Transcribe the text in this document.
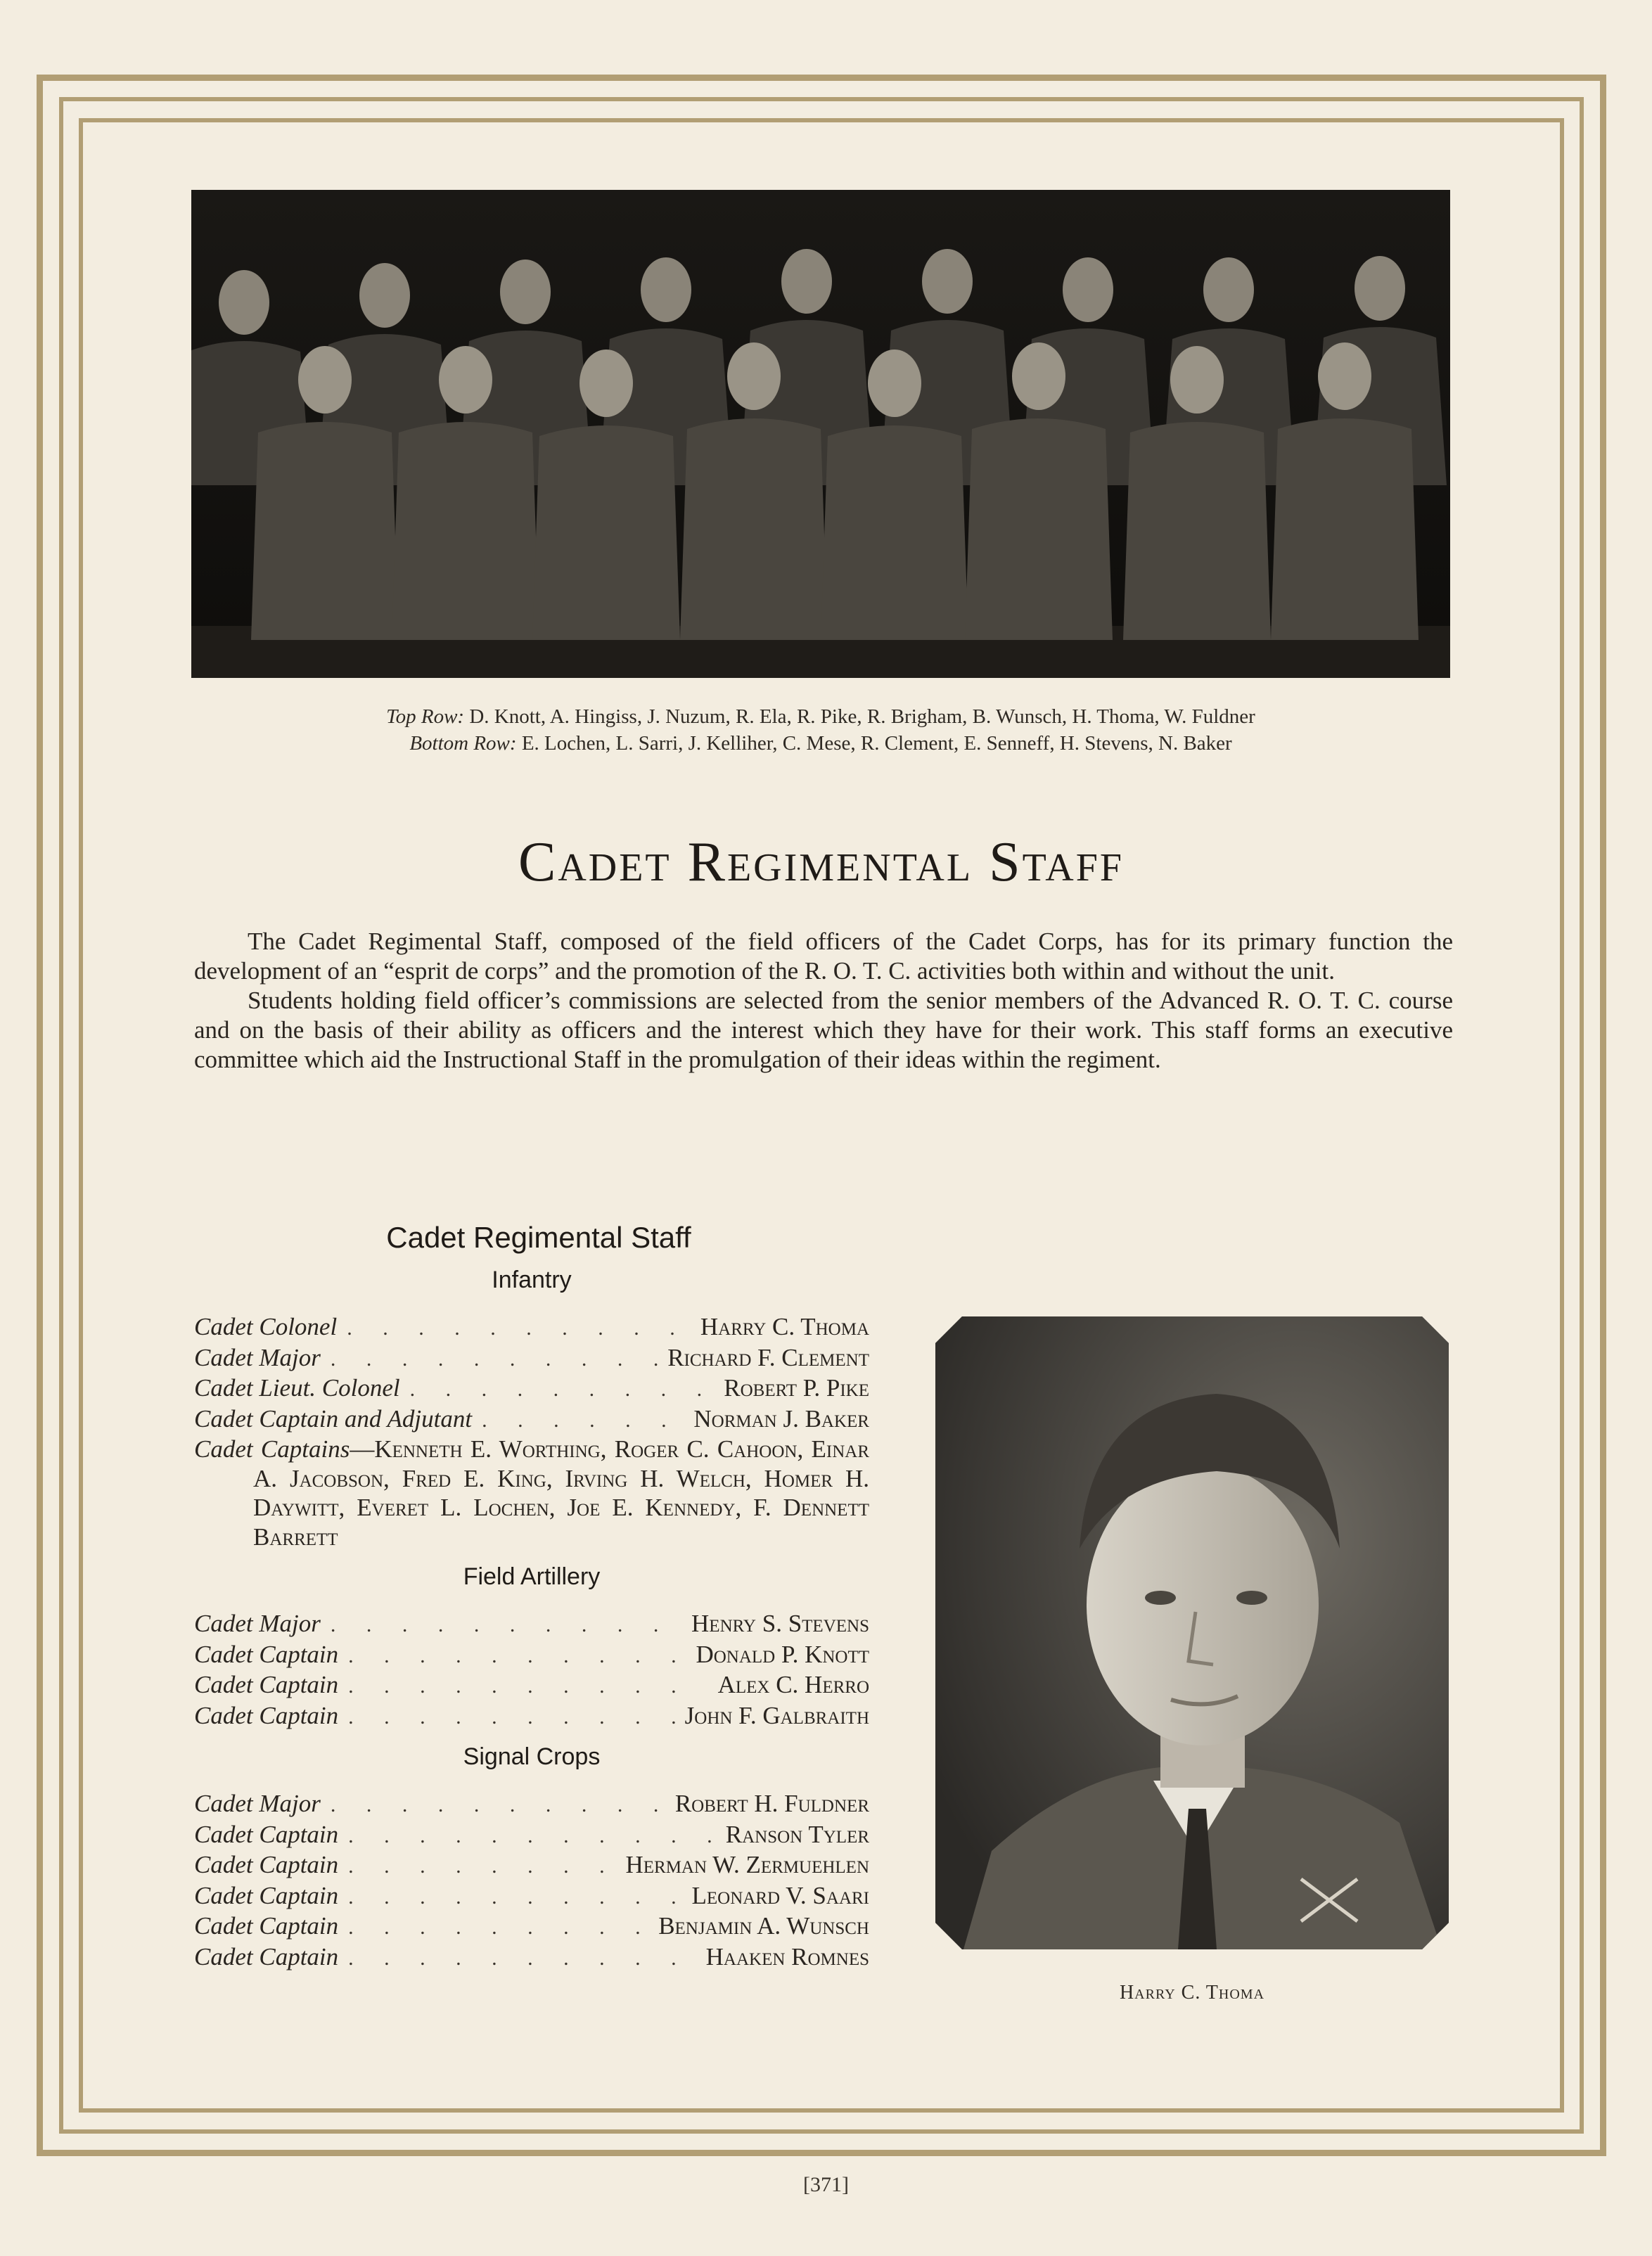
Top Row: D. Knott, A. Hingiss, J. Nuzum, R. Ela, R. Pike, R. Brigham, B. Wunsch, H. Thoma, W. Fuldner
Bottom Row: E. Lochen, L. Sarri, J. Kelliher, C. Mese, R. Clement, E. Senneff, H. Stevens, N. Baker
Cadet Regimental Staff

The Cadet Regimental Staff, composed of the field officers of the Cadet Corps, has for its primary function the development of an “esprit de corps” and the promotion of the R. O. T. C. activities both within and without the unit.

Students holding field officer’s commissions are selected from the senior members of the Advanced R. O. T. C. course and on the basis of their ability as officers and the interest which they have for their work. This staff forms an executive committee which aid the Instructional Staff in the promulgation of their ideas within the regiment.

Cadet Regimental Staff
Infantry
Cadet Colonel . . .	Harry C. Thoma
Cadet Major . . .	Richard F. Clement
Cadet Lieut. Colonel . . .	Robert P. Pike
Cadet Captain and Adjutant . . .	Norman J. Baker
Cadet Captains—Kenneth E. Worthing, Roger C. Cahoon, Einar A. Jacobson, Fred E. King, Irving H. Welch, Homer H. Daywitt, Everet L. Lochen, Joe E. Kennedy, F. Dennett Barrett
Field Artillery
Cadet Major . . .	Henry S. Stevens
Cadet Captain . . .	Donald P. Knott
Cadet Captain . . .	Alex C. Herro
Cadet Captain . . .	John F. Galbraith
Signal Crops
Cadet Major . . .	Robert H. Fuldner
Cadet Captain . . .	Ranson Tyler
Cadet Captain . . .	Herman W. Zermuehlen
Cadet Captain . . .	Leonard V. Saari
Cadet Captain . . .	Benjamin A. Wunsch
Cadet Captain . . .	Haaken Romnes
Harry C. Thoma
[371]
